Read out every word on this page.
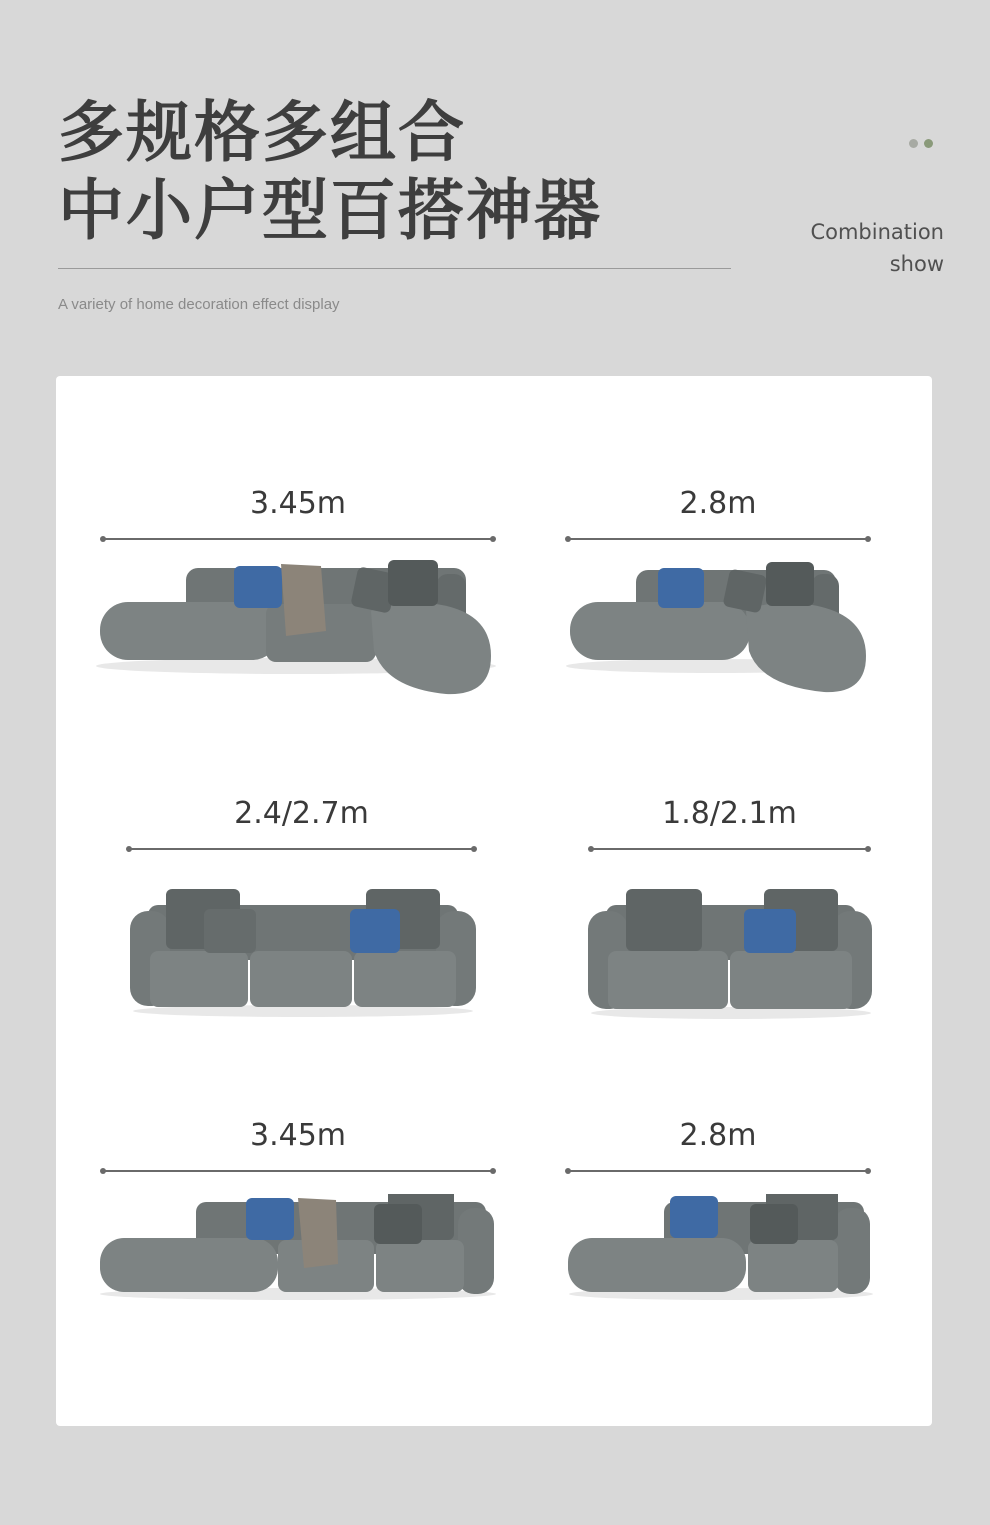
多规格多组合
中小户型百搭神器	Combination
show
A variety of home decoration effect display
3.45m	2.8m
2.4/2.7m	1.8/2.1m
3.45m	2.8m
